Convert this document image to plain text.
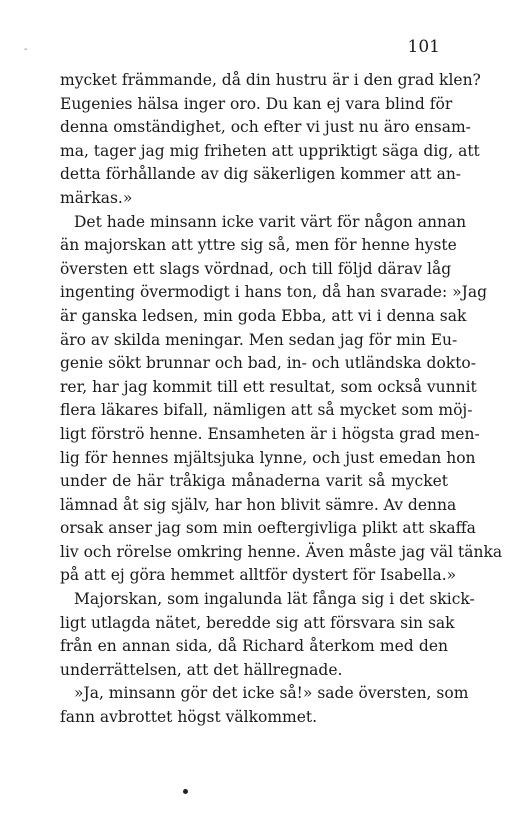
-	101
mycket främmande, då din hustru är i den grad klen?
Eugenies hälsa inger oro. Du kan ej vara blind för
denna omständighet, och efter vi just nu äro ensam-
ma, tager jag mig friheten att uppriktigt säga dig, att
detta förhållande av dig säkerligen kommer att an-
märkas.»
Det hade minsann icke varit värt för någon annan
än majorskan att yttre sig så, men för henne hyste
översten ett slags vördnad, och till följd därav låg
ingenting övermodigt i hans ton, då han svarade: »Jag
är ganska ledsen, min goda Ebba, att vi i denna sak
äro av skilda meningar. Men sedan jag för min Eu-
genie sökt brunnar och bad, in- och utländska dokto-
rer, har jag kommit till ett resultat, som också vunnit
flera läkares bifall, nämligen att så mycket som möj-
ligt förströ henne. Ensamheten är i högsta grad men-
lig för hennes mjältsjuka lynne, och just emedan hon
under de här tråkiga månaderna varit så mycket
lämnad åt sig själv, har hon blivit sämre. Av denna
orsak anser jag som min oeftergivliga plikt att skaffa
liv och rörelse omkring henne. Även måste jag väl tänka
på att ej göra hemmet alltför dystert för Isabella.»
Majorskan, som ingalunda lät fånga sig i det skick-
ligt utlagda nätet, beredde sig att försvara sin sak
från en annan sida, då Richard återkom med den
underrättelsen, att det hällregnade.
»Ja, minsann gör det icke så!» sade översten, som
fann avbrottet högst välkommet.
